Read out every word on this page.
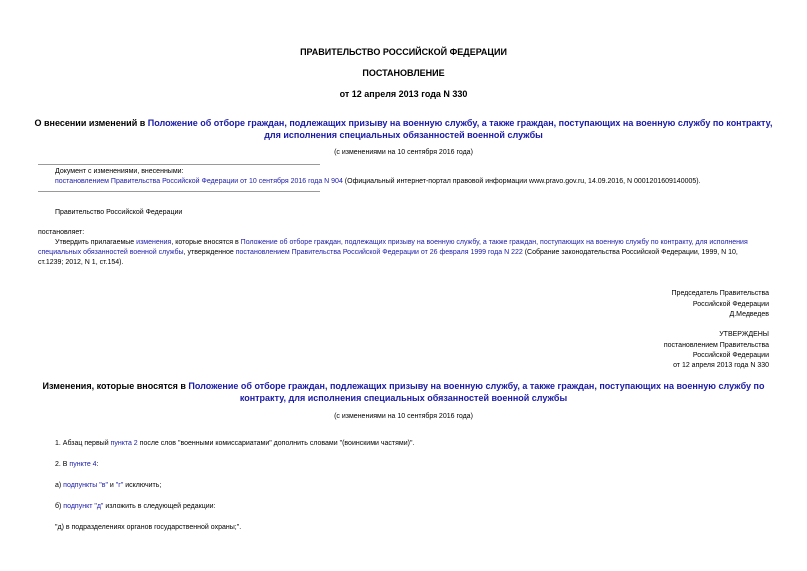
ПРАВИТЕЛЬСТВО РОССИЙСКОЙ ФЕДЕРАЦИИ
ПОСТАНОВЛЕНИЕ
от 12 апреля 2013 года N 330
О внесении изменений в Положение об отборе граждан, подлежащих призыву на военную службу, а также граждан, поступающих на военную службу по контракту,
для исполнения специальных обязанностей военной службы
(с изменениями на 10 сентября 2016 года)
Документ с изменениями, внесенными:
постановлением Правительства Российской Федерации от 10 сентября 2016 года N 904 (Официальный интернет-портал правовой информации www.pravo.gov.ru, 14.09.2016, N 0001201609140005).
Правительство Российской Федерации
постановляет:
Утвердить прилагаемые изменения, которые вносятся в Положение об отборе граждан, подлежащих призыву на военную службу, а также граждан, поступающих на военную службу по контракту, для исполнения
специальных обязанностей военной службы, утвержденное постановлением Правительства Российской Федерации от 26 февраля 1999 года N 222 (Собрание законодательства Российской Федерации, 1999, N 10,
ст.1239; 2012, N 1, ст.154).
Председатель Правительства
Российской Федерации
Д.Медведев
УТВЕРЖДЕНЫ
постановлением Правительства
Российской Федерации
от 12 апреля 2013 года N 330
Изменения, которые вносятся в Положение об отборе граждан, подлежащих призыву на военную службу, а также граждан, поступающих на военную службу по
контракту, для исполнения специальных обязанностей военной службы
(с изменениями на 10 сентября 2016 года)
1. Абзац первый пункта 2 после слов "военными комиссариатами" дополнить словами "(воинскими частями)".
2. В пункте 4:
а) подпункты "в" и "г" исключить;
б) подпункт "д" изложить в следующей редакции:
"д) в подразделениях органов государственной охраны;".
